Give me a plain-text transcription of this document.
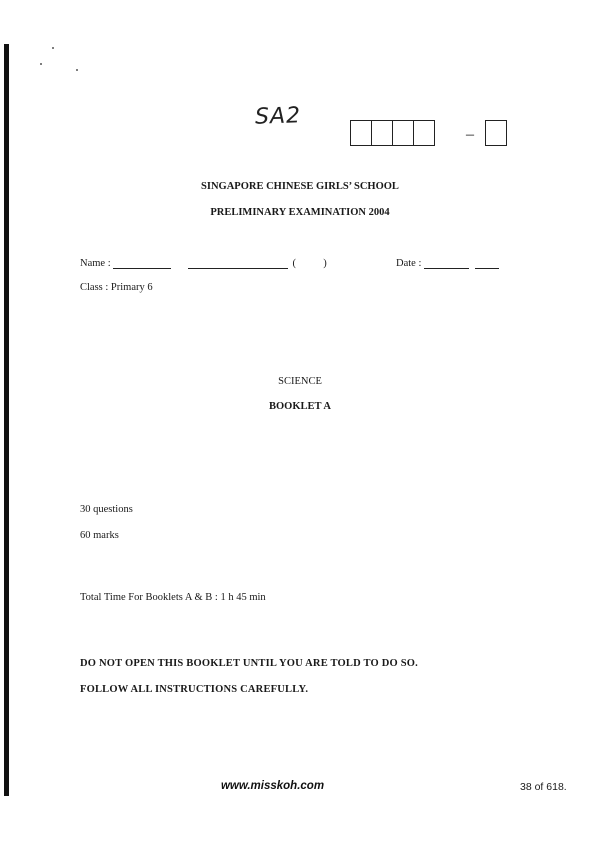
SA2
–
SINGAPORE CHINESE GIRLS’ SCHOOL
PRELIMINARY EXAMINATION 2004
Name :	(	)	Date :
Class : Primary 6
SCIENCE
BOOKLET A
30 questions
60 marks
Total Time For Booklets A & B : 1 h 45 min
DO NOT OPEN THIS BOOKLET UNTIL YOU ARE TOLD TO DO SO.
FOLLOW ALL INSTRUCTIONS CAREFULLY.
www.misskoh.com	38 of 618.
